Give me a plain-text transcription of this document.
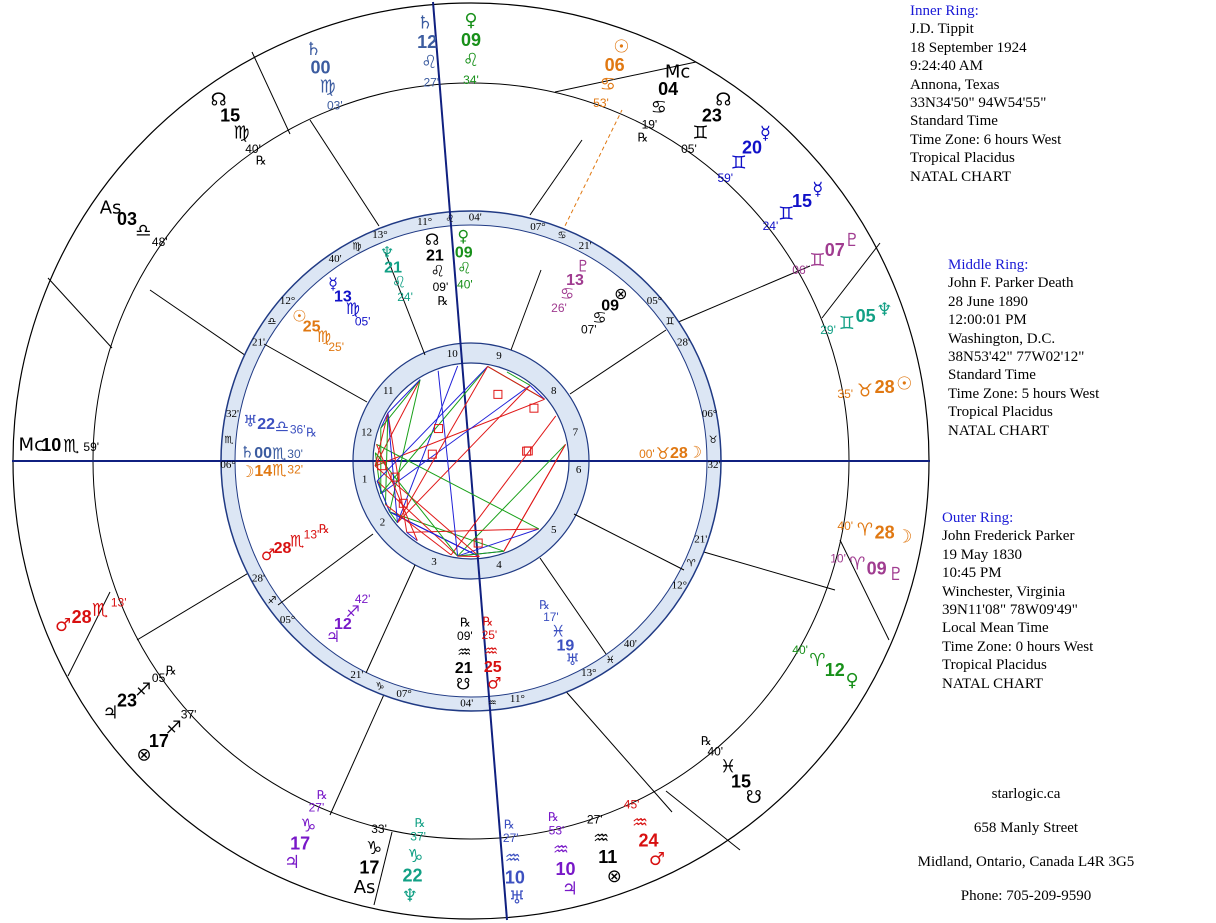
1
2
3	4
5
6
7
8
9
10
11
12
11° ♌ 04'
07°
♋
21'
05°
♊
28'
06°
♉
32'
21'
♈
12°
40'
♓
13°
11°
♒
04'
07°
♑
21'
05°
♐
28'
06°
♏
32'
21'
♎
12°
40'
♍
13°	♀
09
♌
40'
☊
21
♌
09'
℞
♆
21
♌
24'
☿
13
♍
05'
☉
25
♍
25'
♄ 00 ♏ 30'
☽ 14 ♏ 32'
♂
28
♏ 13' ℞
♃
12
♐
42'
☋
21
♒
09'
℞
♂
25
♒
25'
℞
♅
19
♓
17'
℞
☽
28
♉
00'
♇
13
♋
26'
⊗
09
♋
07'
♅ 22 ♎ 36' ℞
♄
12
♌
27'
♀
09
♌
34'
♄
00
♍
03'
☊
15
♍
40'
℞
As
03
♎
48'
Mc
10 ♏ 59'
♂ 28 ♏ 13'
♃
23
♐
05'
℞
⊗
17
♐
37'
♃
17
♑
27'
℞
As
17
♑
33'
♆
22
♑
37'
℞
♅
10
♒
27'
℞
♃
10
♒
53'
℞
⊗
11
♒
27'
♂
24
♒
45'	☋
15
♓
40'
℞
♀
12
♈
40'
♇
09
♈
10'
☽
28
♈
40'
☉
28
♉
35'
♆
05
♊
29'
♇
07
♊
06'
☿
15
♊
24'
☿
20
♊
59'
☊
23
♊
05'
Mc
04
♋
19'
℞
☉
06
♋
53'
Inner Ring:
J.D. Tippit
18 September 1924
9:24:40 AM
Annona, Texas
33N34'50" 94W54'55"
Standard Time
Time Zone: 6 hours West
Tropical Placidus
NATAL CHART
Middle Ring:
John F. Parker Death
28 June 1890
12:00:01 PM
Washington, D.C.
38N53'42" 77W02'12"
Standard Time
Time Zone: 5 hours West
Tropical Placidus
NATAL CHART
Outer Ring:
John Frederick Parker
19 May 1830
10:45 PM
Winchester, Virginia
39N11'08" 78W09'49"
Local Mean Time
Time Zone: 0 hours West
Tropical Placidus
NATAL CHART
starlogic.ca
658 Manly Street
Midland, Ontario, Canada L4R 3G5
Phone: 705-209-9590
